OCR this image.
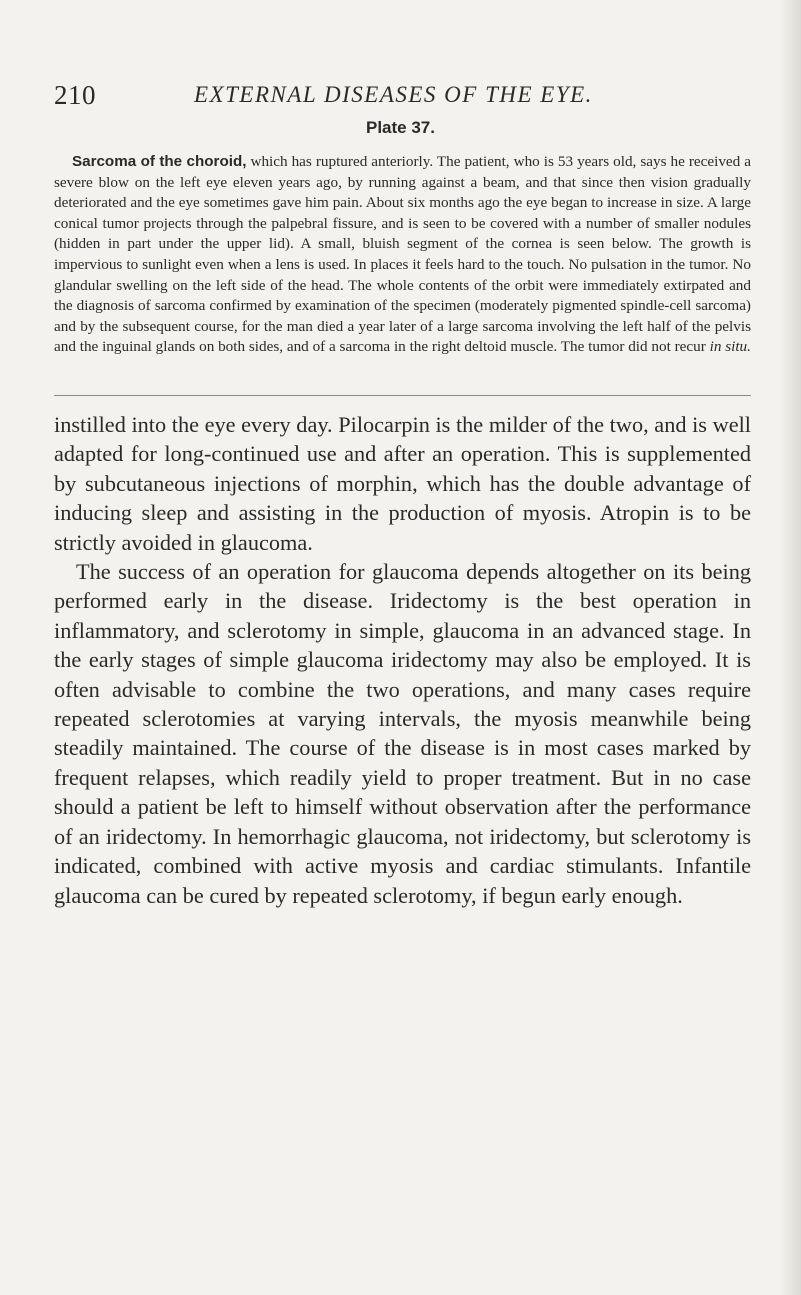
210	EXTERNAL DISEASES OF THE EYE.
Plate 37.

Sarcoma of the choroid, which has ruptured anteriorly. The patient, who is 53 years old, says he received a severe blow on the left eye eleven years ago, by running against a beam, and that since then vision gradually deteriorated and the eye sometimes gave him pain. About six months ago the eye began to increase in size. A large conical tumor projects through the palpebral fissure, and is seen to be covered with a number of smaller nodules (hidden in part under the upper lid). A small, bluish segment of the cornea is seen below. The growth is impervious to sunlight even when a lens is used. In places it feels hard to the touch. No pulsation in the tumor. No glandular swelling on the left side of the head. The whole contents of the orbit were immediately extirpated and the diagnosis of sarcoma confirmed by examination of the specimen (moderately pigmented spindle-cell sarcoma) and by the subsequent course, for the man died a year later of a large sarcoma involving the left half of the pelvis and the inguinal glands on both sides, and of a sarcoma in the right deltoid muscle. The tumor did not recur in situ.

instilled into the eye every day. Pilocarpin is the milder of the two, and is well adapted for long-continued use and after an operation. This is supplemented by subcutaneous injections of morphin, which has the double advantage of inducing sleep and assisting in the production of myosis. Atropin is to be strictly avoided in glaucoma.
The success of an operation for glaucoma depends altogether on its being performed early in the disease. Iridectomy is the best operation in inflammatory, and sclerotomy in simple, glaucoma in an advanced stage. In the early stages of simple glaucoma iridectomy may also be employed. It is often advisable to combine the two operations, and many cases require repeated sclerotomies at varying intervals, the myosis meanwhile being steadily maintained. The course of the disease is in most cases marked by frequent relapses, which readily yield to proper treatment. But in no case should a patient be left to himself without observation after the performance of an iridectomy. In hemorrhagic glaucoma, not iridectomy, but sclerotomy is indicated, combined with active myosis and cardiac stimulants. Infantile glaucoma can be cured by repeated sclerotomy, if begun early enough.
